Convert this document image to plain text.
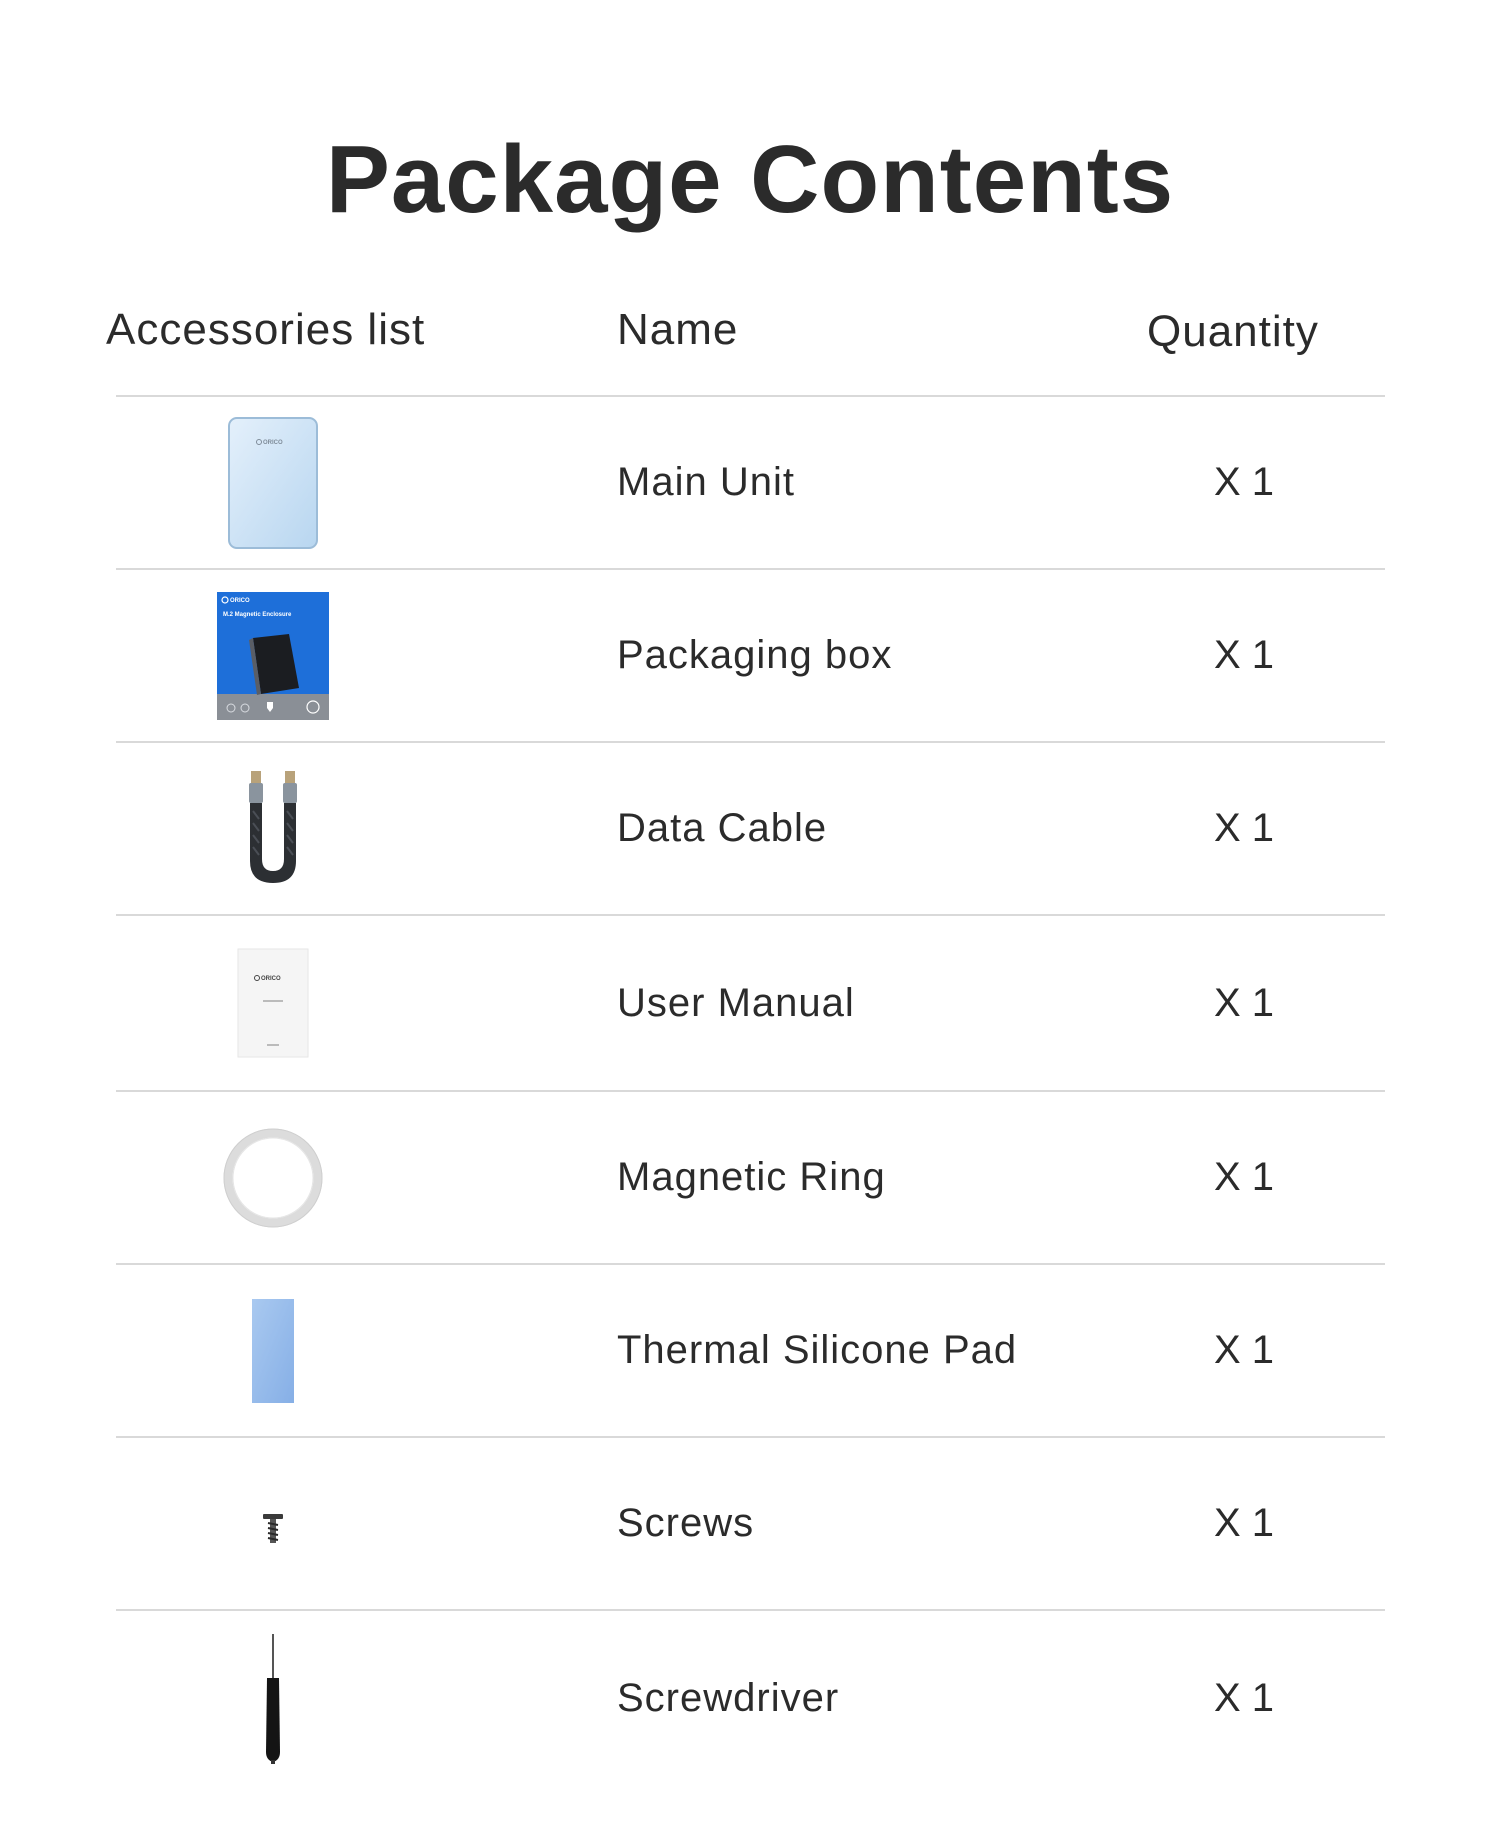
Package Contents
Accessories list	Name	Quantity
ORICO
Main Unit	X 1
ORICO
M.2 Magnetic Enclosure
Packaging box	X 1
Data Cable	X 1
ORICO
User Manual	X 1
Magnetic Ring	X 1
Thermal Silicone Pad	X 1
Screws	X 1
Screwdriver	X 1
